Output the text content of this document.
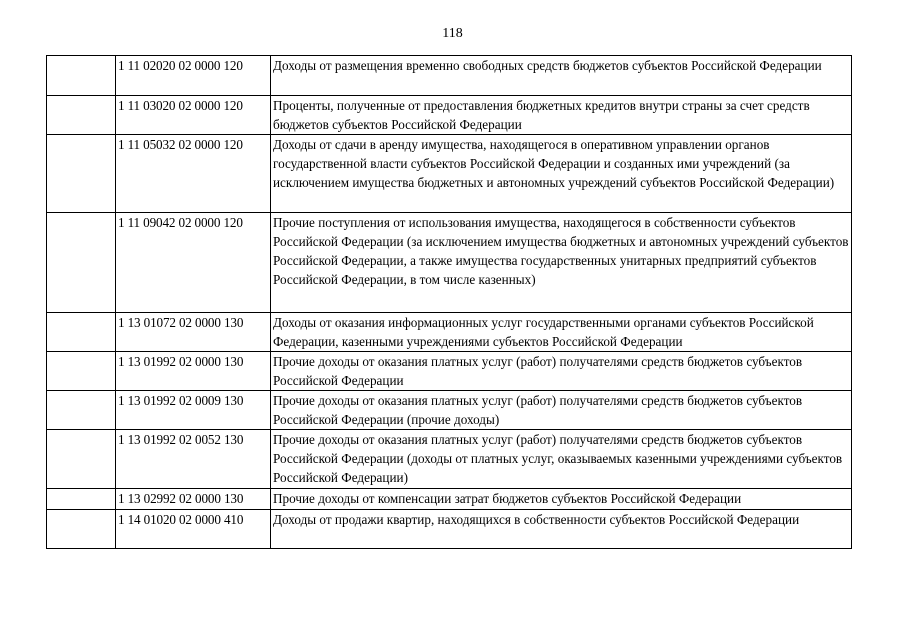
118
	1 11 02020 02 0000 120	Доходы от размещения временно свободных средств бюджетов субъектов Российской Федерации
	1 11 03020 02 0000 120	Проценты, полученные от предоставления бюджетных кредитов внутри страны за счет средств бюджетов субъектов Российской Федерации
	1 11 05032 02 0000 120	Доходы от сдачи в аренду имущества, находящегося в оперативном управлении органов государственной власти субъектов Российской Федерации и созданных ими учреждений (за исключением имущества бюджетных и автономных учреждений субъектов Российской Федерации)
	1 11 09042 02 0000 120	Прочие поступления от использования имущества, находящегося в собственности субъектов Российской Федерации (за исключением имущества бюджетных и автономных учреждений субъектов Российской Федерации, а также имущества государственных унитарных предприятий субъектов Российской Федерации, в том числе казенных)
	1 13 01072 02 0000 130	Доходы от оказания информационных услуг государственными органами субъектов Российской Федерации, казенными учреждениями субъектов Российской Федерации
	1 13 01992 02 0000 130	Прочие доходы от оказания платных услуг (работ) получателями средств бюджетов субъектов Российской Федерации
	1 13 01992 02 0009 130	Прочие доходы от оказания платных услуг (работ) получателями средств бюджетов субъектов Российской Федерации (прочие доходы)
	1 13 01992 02 0052 130	Прочие доходы от оказания платных услуг (работ) получателями средств бюджетов субъектов Российской Федерации (доходы от платных услуг, оказываемых казенными учреждениями субъектов Российской Федерации)
	1 13 02992 02 0000 130	Прочие доходы от компенсации затрат бюджетов субъектов Российской Федерации
	1 14 01020 02 0000 410	Доходы от продажи квартир, находящихся в собственности субъектов Российской Федерации
